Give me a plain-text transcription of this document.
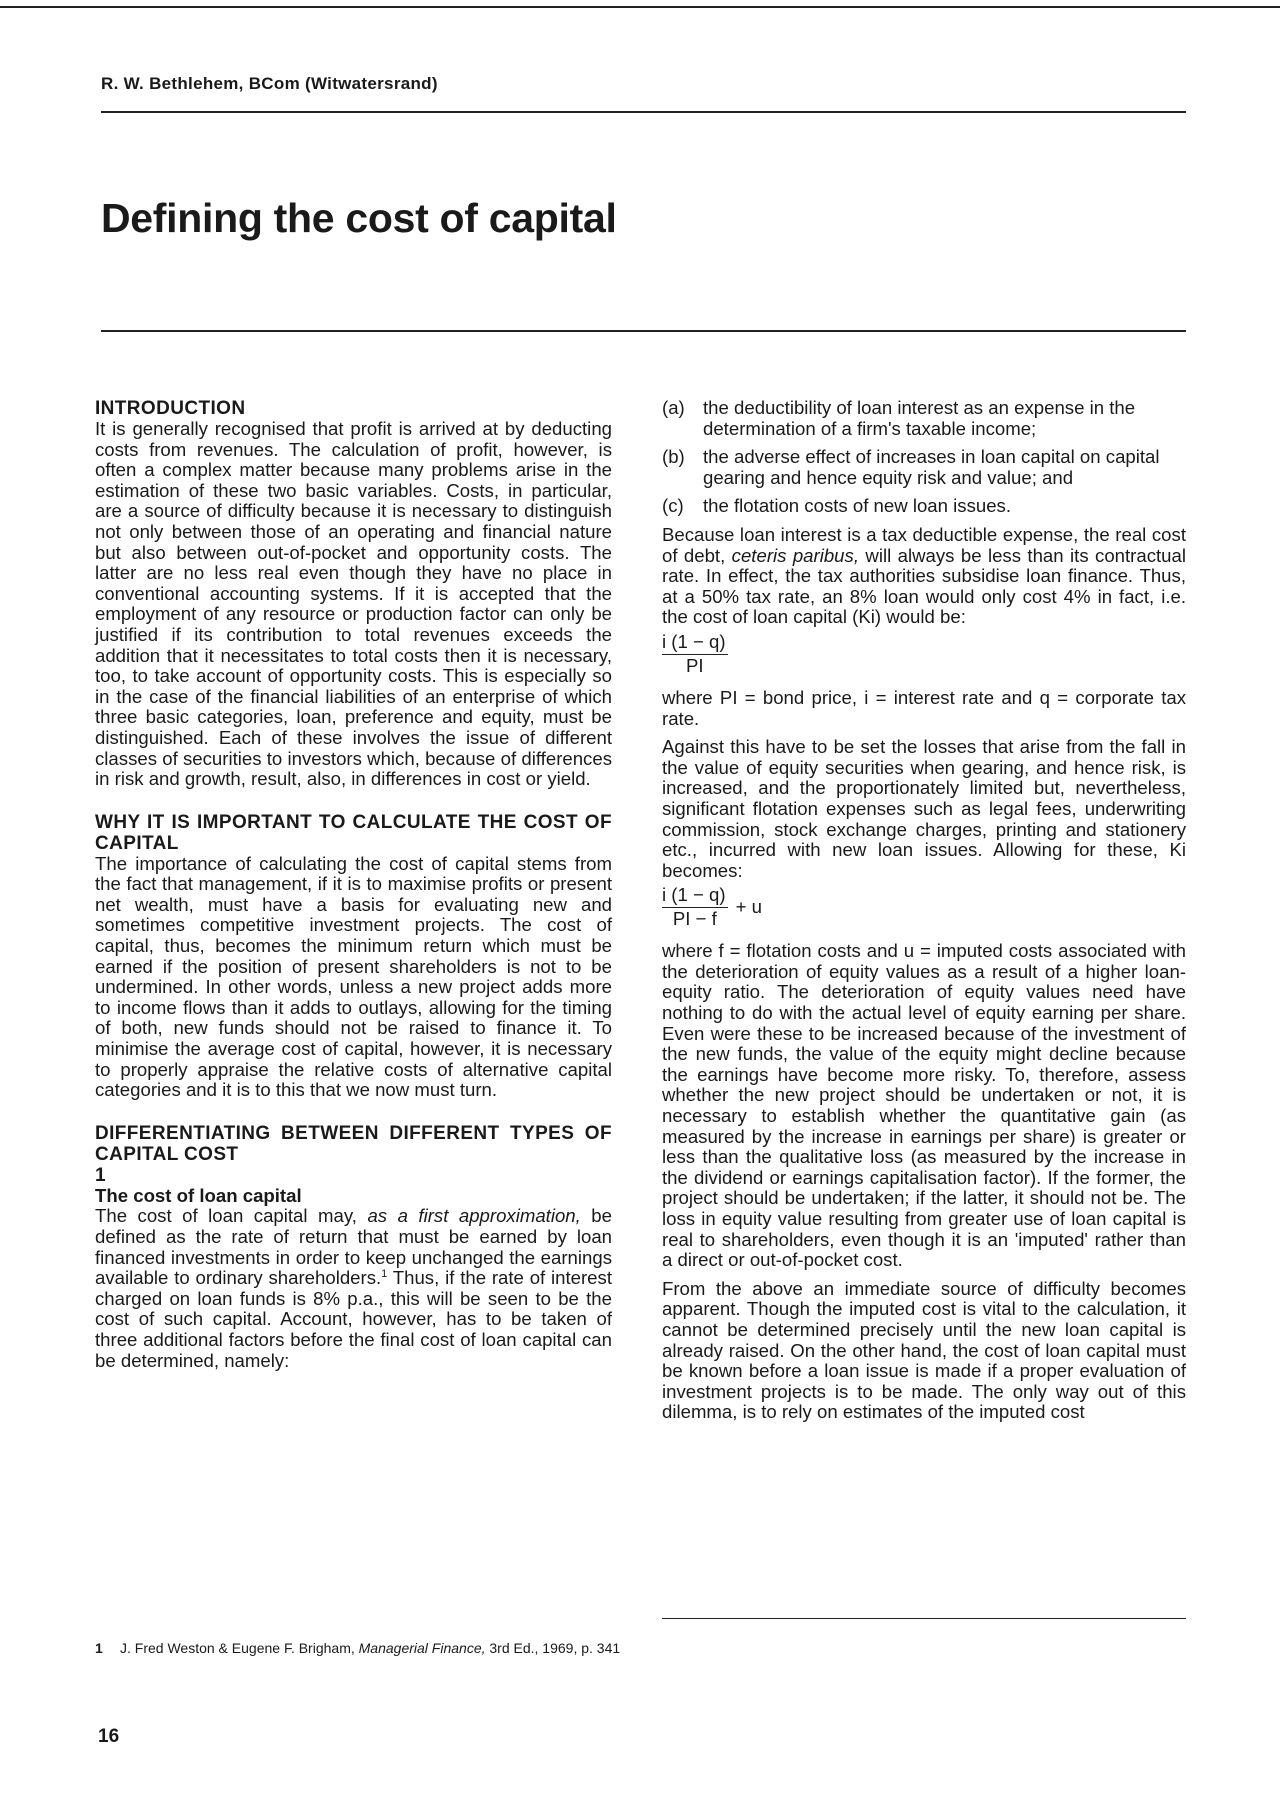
R. W. Bethlehem, BCom (Witwatersrand)
Defining the cost of capital

INTRODUCTION

It is generally recognised that profit is arrived at by deducting costs from revenues. The calculation of profit, however, is often a complex matter because many problems arise in the estimation of these two basic variables. Costs, in particular, are a source of difficulty because it is necessary to distinguish not only between those of an operating and financial nature but also between out-of-pocket and opportunity costs. The latter are no less real even though they have no place in conventional accounting systems. If it is accepted that the employment of any resource or production factor can only be justified if its contribution to total revenues exceeds the addition that it necessitates to total costs then it is necessary, too, to take account of opportunity costs. This is especially so in the case of the financial liabilities of an enterprise of which three basic categories, loan, preference and equity, must be distinguished. Each of these involves the issue of different classes of securities to investors which, because of differences in risk and growth, result, also, in differences in cost or yield.

WHY IT IS IMPORTANT TO CALCULATE THE COST OF CAPITAL

The importance of calculating the cost of capital stems from the fact that management, if it is to maximise profits or present net wealth, must have a basis for evaluating new and sometimes competitive investment projects. The cost of capital, thus, becomes the minimum return which must be earned if the position of present shareholders is not to be undermined. In other words, unless a new project adds more to income flows than it adds to outlays, allowing for the timing of both, new funds should not be raised to finance it. To minimise the average cost of capital, however, it is necessary to properly appraise the relative costs of alternative capital categories and it is to this that we now must turn.

DIFFERENTIATING BETWEEN DIFFERENT TYPES OF CAPITAL COST

1

The cost of loan capital

The cost of loan capital may, as a first approximation, be defined as the rate of return that must be earned by loan financed investments in order to keep unchanged the earnings available to ordinary shareholders.$^1$ Thus, if the rate of interest charged on loan funds is 8% p.a., this will be seen to be the cost of such capital. Account, however, has to be taken of three additional factors before the final cost of loan capital can be determined, namely:

(a) the deductibility of loan interest as an expense in the determination of a firm's taxable income;
(b) the adverse effect of increases in loan capital on capital gearing and hence equity risk and value; and
(c)	the flotation costs of new loan issues.

Because loan interest is a tax deductible expense, the real cost of debt, ceteris paribus, will always be less than its contractual rate. In effect, the tax authorities subsidise loan finance. Thus, at a 50% tax rate, an 8% loan would only cost 4% in fact, i.e. the cost of loan capital (Ki) would be:

$\frac{i (1 - q)}{PI}$

where PI = bond price, i = interest rate and q = corporate tax rate.

Against this have to be set the losses that arise from the fall in the value of equity securities when gearing, and hence risk, is increased, and the proportionately limited but, nevertheless, significant flotation expenses such as legal fees, underwriting commission, stock exchange charges, printing and stationery etc., incurred with new loan issues. Allowing for these, Ki becomes:

$\frac{i (1 - q)}{PI - f} + u$

where f = flotation costs and u = imputed costs associated with the deterioration of equity values as a result of a higher loan-equity ratio. The deterioration of equity values need have nothing to do with the actual level of equity earning per share. Even were these to be increased because of the investment of the new funds, the value of the equity might decline because the earnings have become more risky. To, therefore, assess whether the new project should be undertaken or not, it is necessary to establish whether the quantitative gain (as measured by the increase in earnings per share) is greater or less than the qualitative loss (as measured by the increase in the dividend or earnings capitalisation factor). If the former, the project should be undertaken; if the latter, it should not be. The loss in equity value resulting from greater use of loan capital is real to shareholders, even though it is an 'imputed' rather than a direct or out-of-pocket cost.

From the above an immediate source of difficulty becomes apparent. Though the imputed cost is vital to the calculation, it cannot be determined precisely until the new loan capital is already raised. On the other hand, the cost of loan capital must be known before a loan issue is made if a proper evaluation of investment projects is to be made. The only way out of this dilemma, is to rely on estimates of the imputed cost

1 J. Fred Weston & Eugene F. Brigham, Managerial Finance, 3rd Ed., 1969, p. 341
16
